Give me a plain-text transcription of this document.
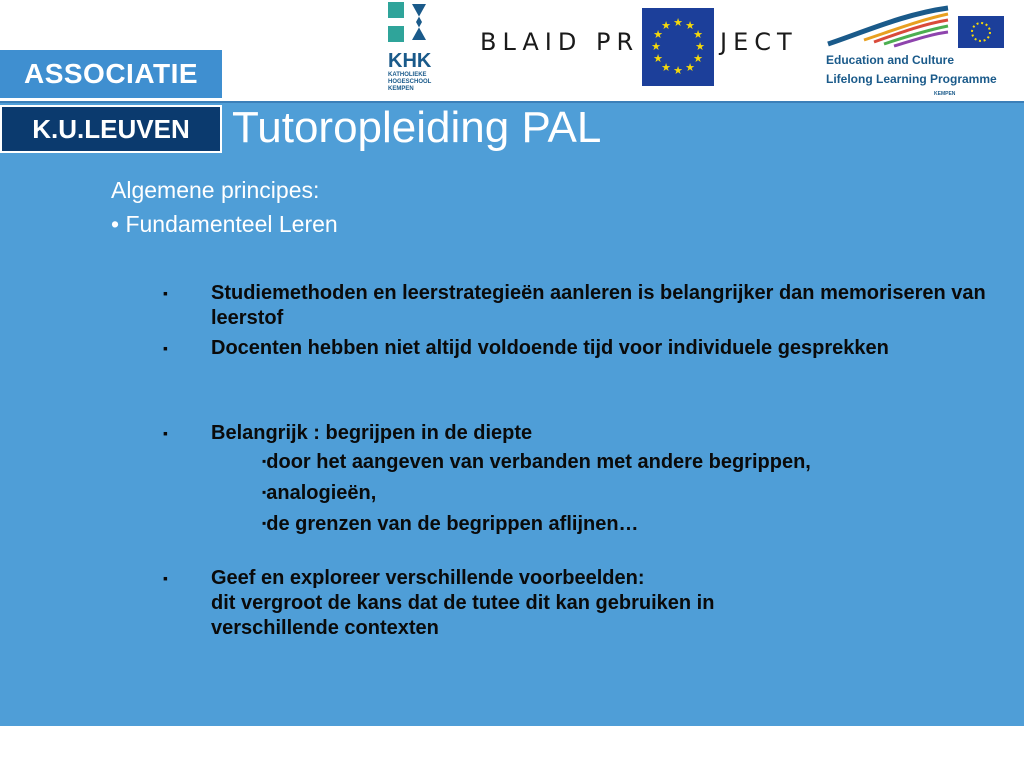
ASSOCIATIE
K.U.LEUVEN
KHK
KATHOLIEKE
HOGESCHOOL
KEMPEN
BLAID PR
★ ★
★
★
★
★
★
★
★
★
★
★
JECT
Education and Culture
Lifelong Learning Programme
KEMPEN
Tutoropleiding PAL
Algemene principes:
• Fundamenteel Leren
▪ Studiemethoden en leerstrategieën aanleren is belangrijker dan memoriseren van leerstof
▪ Docenten hebben niet altijd voldoende tijd voor individuele gesprekken
▪ Belangrijk : begrijpen in de diepte
▪door het aangeven van verbanden met andere begrippen,
▪analogieën,
▪de grenzen van de begrippen aflijnen…
▪ Geef en exploreer verschillende voorbeelden:
dit vergroot de kans dat de tutee dit kan gebruiken in
verschillende contexten
